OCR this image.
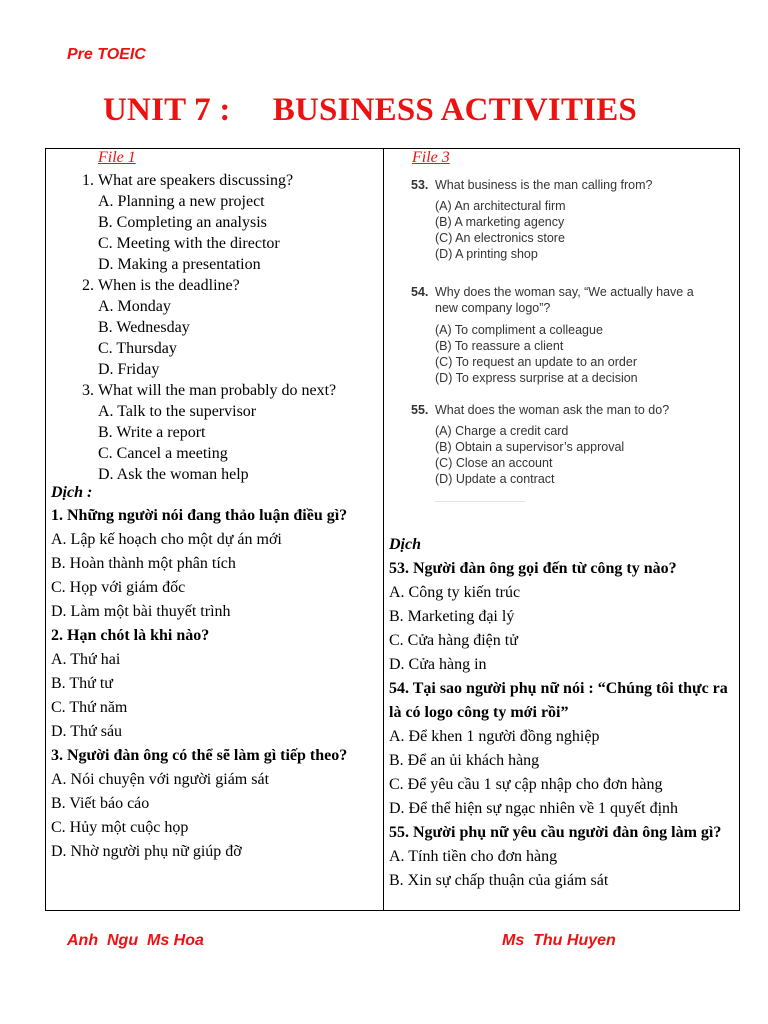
Pre TOEIC
UNIT 7 :     BUSINESS ACTIVITIES
File 1
1. What are speakers discussing?
A. Planning a new project
B. Completing an analysis
C. Meeting with the director
D. Making a presentation
2. When is the deadline?
A. Monday
B. Wednesday
C. Thursday
D. Friday
3. What will the man probably do next?
A. Talk to the supervisor
B. Write a report
C. Cancel a meeting
D. Ask the woman help
Dịch :
1. Những người nói đang thảo luận điều gì?
A. Lập kế hoạch cho một dự án mới
B. Hoàn thành một phân tích
C. Họp với giám đốc
D. Làm một bài thuyết trình
2. Hạn chót là khi nào?
A. Thứ hai
B. Thứ tư
C. Thứ năm
D. Thứ sáu
3. Người đàn ông có thể sẽ làm gì tiếp theo?
A. Nói chuyện với người giám sát
B. Viết báo cáo
C. Hủy một cuộc họp
D. Nhờ người phụ nữ giúp đỡ
File 3
53. What business is the man calling from?
(A) An architectural firm
(B) A marketing agency
(C) An electronics store
(D) A printing shop
54. Why does the woman say, “We actually have a new company logo”?
(A) To compliment a colleague
(B) To reassure a client
(C) To request an update to an order
(D) To express surprise at a decision
55. What does the woman ask the man to do?
(A) Charge a credit card
(B) Obtain a supervisor’s approval
(C) Close an account
(D) Update a contract
Dịch
53. Người đàn ông gọi đến từ công ty nào?
A. Công ty kiến trúc
B. Marketing đại lý
C. Cửa hàng điện tử
D. Cửa hàng in
54. Tại sao người phụ nữ nói : “Chúng tôi thực ra là có logo công ty mới rồi”
A. Để khen 1 người đồng nghiệp
B. Để an ủi khách hàng
C. Để yêu cầu 1 sự cập nhập cho đơn hàng
D. Để thể hiện sự ngạc nhiên về 1 quyết định
55. Người phụ nữ yêu cầu người đàn ông làm gì?
A. Tính tiền cho đơn hàng
B. Xin sự chấp thuận của giám sát
Anh  Ngu  Ms Hoa	Ms  Thu Huyen
